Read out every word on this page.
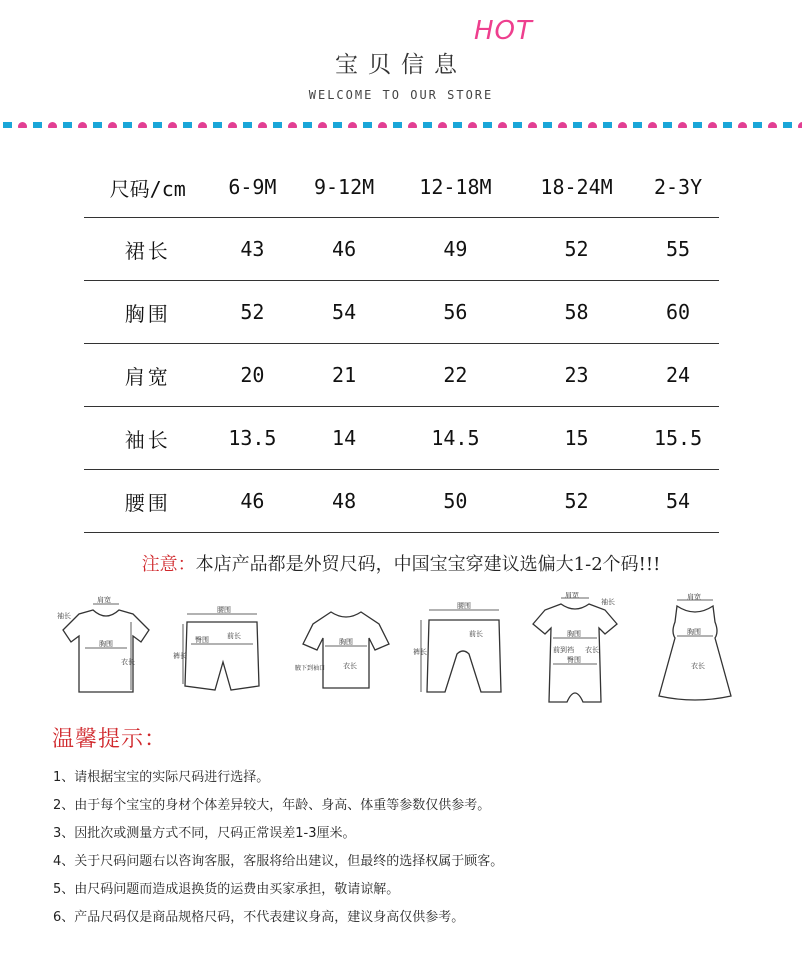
宝贝信息
HOT
WELCOME TO OUR STORE
尺码/cm	6-9M	9-12M	12-18M	18-24M	2-3Y
裙长	43	46	49	52	55
胸围	52	54	56	58	60
肩宽	20	21	22	23	24
袖长	13.5	14	14.5	15	15.5
腰围	46	48	50	52	54
注意：本店产品都是外贸尺码，中国宝宝穿建议选偏大1-2个码!!!
肩宽
袖长
胸围
衣长
腰围
臀围	前长
裤长
胸围
腋下到袖口	衣长
腰围
前长
裤长
肩宽
袖长
胸围
衣长
前到裆
臀围
肩宽
胸围
衣长
温馨提示：
1、请根据宝宝的实际尺码进行选择。
2、由于每个宝宝的身材个体差异较大，年龄、身高、体重等参数仅供参考。
3、因批次或测量方式不同，尺码正常误差1-3厘米。
4、关于尺码问题右以咨询客服，客服将给出建议，但最终的选择权属于顾客。
5、由尺码问题而造成退换货的运费由买家承担，敬请谅解。
6、产品尺码仅是商品规格尺码，不代表建议身高，建议身高仅供参考。
